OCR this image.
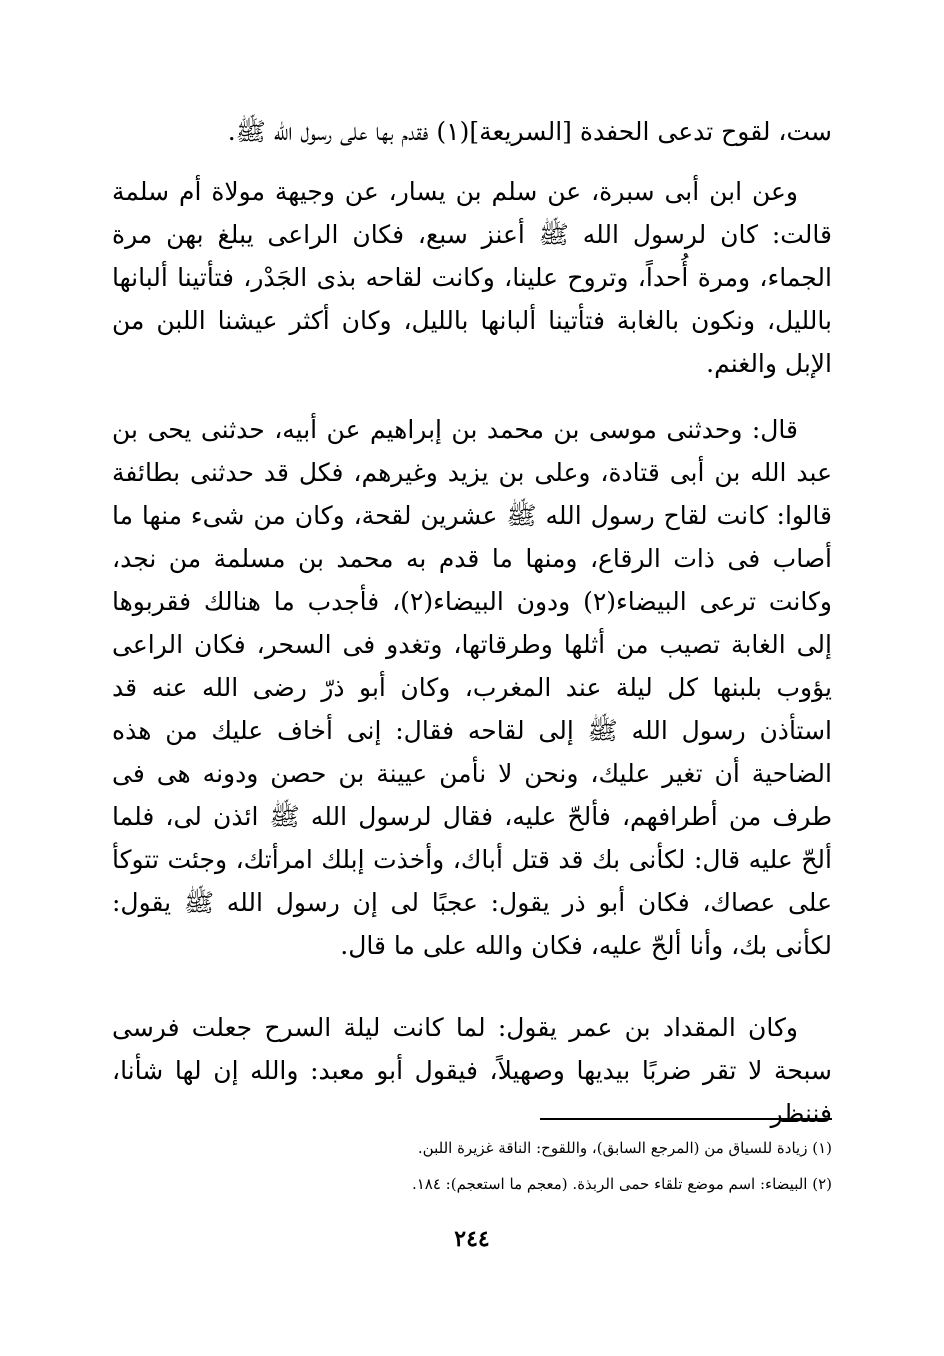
ست، لقوح تدعى الحفدة [السريعة](١) فقدم بها على رسول الله ﷺ.

وعن ابن أبى سبرة، عن سلم بن يسار، عن وجيهة مولاة أم سلمة قالت: كان لرسول الله ﷺ أعنز سبع، فكان الراعى يبلغ بهن مرة الجماء، ومرة أُحداً، وتروح علينا، وكانت لقاحه بذى الجَدْر، فتأتينا ألبانها بالليل، ونكون بالغابة فتأتينا ألبانها بالليل، وكان أكثر عيشنا اللبن من الإبل والغنم.

قال: وحدثنى موسى بن محمد بن إبراهيم عن أبيه، حدثنى يحى بن عبد الله بن أبى قتادة، وعلى بن يزيد وغيرهم، فكل قد حدثنى بطائفة قالوا: كانت لقاح رسول الله ﷺ عشرين لقحة، وكان من شىء منها ما أصاب فى ذات الرقاع، ومنها ما قدم به محمد بن مسلمة من نجد، وكانت ترعى البيضاء(٢) ودون البيضاء(٢)، فأجدب ما هنالك فقربوها إلى الغابة تصيب من أثلها وطرقاتها، وتغدو فى السحر، فكان الراعى يؤوب بلبنها كل ليلة عند المغرب، وكان أبو ذرّ رضى الله عنه قد استأذن رسول الله ﷺ إلى لقاحه فقال: إنى أخاف عليك من هذه الضاحية أن تغير عليك، ونحن لا نأمن عيينة بن حصن ودونه هى فى طرف من أطرافهم، فألحّ عليه، فقال لرسول الله ﷺ ائذن لى، فلما ألحّ عليه قال: لكأنى بك قد قتل أباك، وأخذت إبلك امرأتك، وجئت تتوكأ على عصاك، فكان أبو ذر يقول: عجبًا لى إن رسول الله ﷺ يقول: لكأنى بك، وأنا ألحّ عليه، فكان والله على ما قال.

وكان المقداد بن عمر يقول: لما كانت ليلة السرح جعلت فرسى سبحة لا تقر ضربًا بيديها وصهيلاً، فيقول أبو معبد: والله إن لها شأنا، فننظر

(١) زيادة للسياق من (المرجع السابق)، واللقوح: الناقة غزيرة اللبن.

(٢) البيضاء: اسم موضع تلقاء حمى الربذة. (معجم ما استعجم): ١٨٤.

٢٤٤
